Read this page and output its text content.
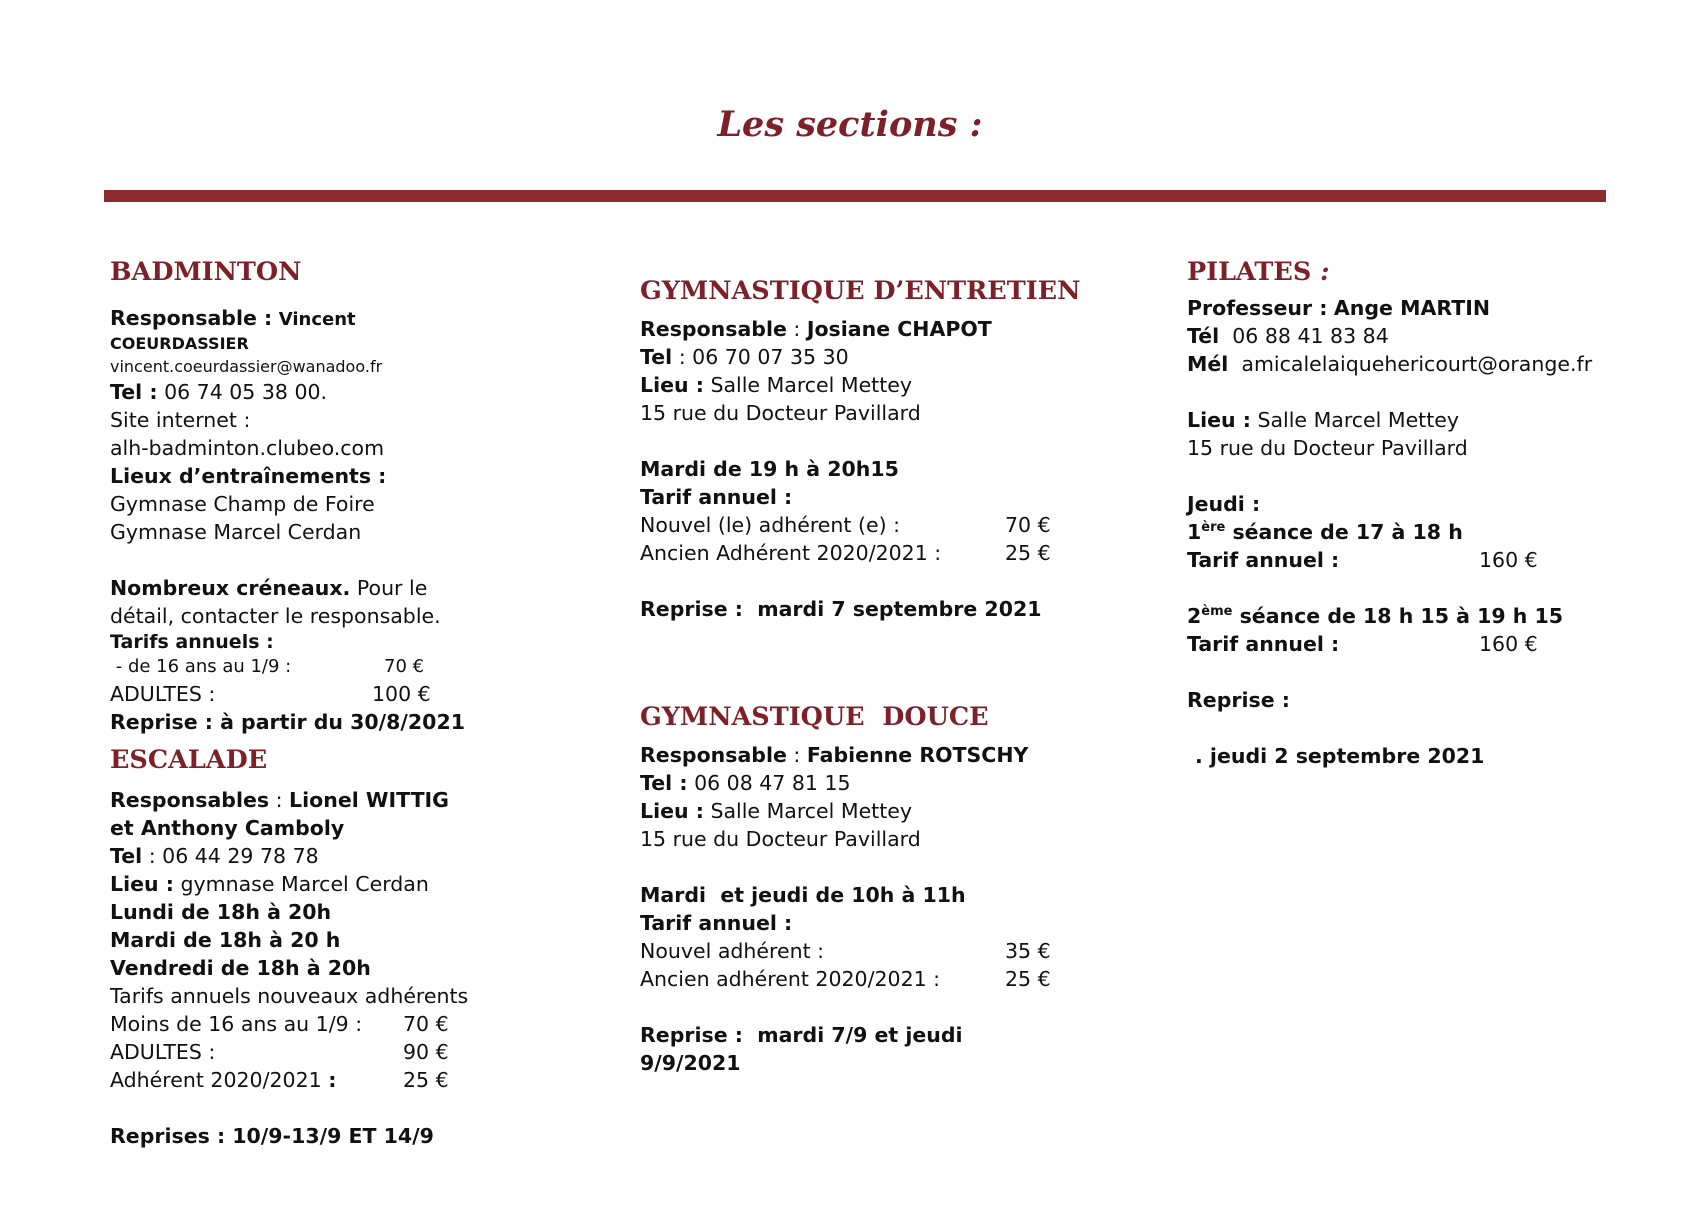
Les sections :
BADMINTON
Responsable : Vincent
COEURDASSIER
vincent.coeurdassier@wanadoo.fr
Tel : 06 74 05 38 00.
Site internet :
alh-badminton.clubeo.com
Lieux d’entraînements :
Gymnase Champ de Foire
Gymnase Marcel Cerdan
Nombreux créneaux. Pour le
détail, contacter le responsable.
Tarifs annuels :
- de 16 ans au 1/9 :	70 €
ADULTES :	100 €
Reprise : à partir du 30/8/2021
ESCALADE
Responsables : Lionel WITTIG
et Anthony Camboly
Tel : 06 44 29 78 78
Lieu : gymnase Marcel Cerdan
Lundi de 18h à 20h
Mardi de 18h à 20 h
Vendredi de 18h à 20h
Tarifs annuels nouveaux adhérents
Moins de 16 ans au 1/9 :	70 €
ADULTES :	90 €
Adhérent 2020/2021 :	25 €
Reprises : 10/9-13/9 ET 14/9
GYMNASTIQUE D’ENTRETIEN
Responsable : Josiane CHAPOT
Tel : 06 70 07 35 30
Lieu : Salle Marcel Mettey
15 rue du Docteur Pavillard
Mardi de 19 h à 20h15
Tarif annuel :
Nouvel (le) adhérent (e) :	70 €
Ancien Adhérent 2020/2021 :	25 €
Reprise :  mardi 7 septembre 2021
GYMNASTIQUE  DOUCE
Responsable : Fabienne ROTSCHY
Tel : 06 08 47 81 15
Lieu : Salle Marcel Mettey
15 rue du Docteur Pavillard
Mardi  et jeudi de 10h à 11h
Tarif annuel :
Nouvel adhérent :	35 €
Ancien adhérent 2020/2021 :	25 €
Reprise :  mardi 7/9 et jeudi
9/9/2021
PILATES :
Professeur : Ange MARTIN
Tél 06 88 41 83 84
Mél amicalelaiquehericourt@orange.fr
Lieu : Salle Marcel Mettey
15 rue du Docteur Pavillard
Jeudi :
1ère séance de 17 à 18 h
Tarif annuel :	160 €
2ème séance de 18 h 15 à 19 h 15
Tarif annuel :	160 €
Reprise :
. jeudi 2 septembre 2021
